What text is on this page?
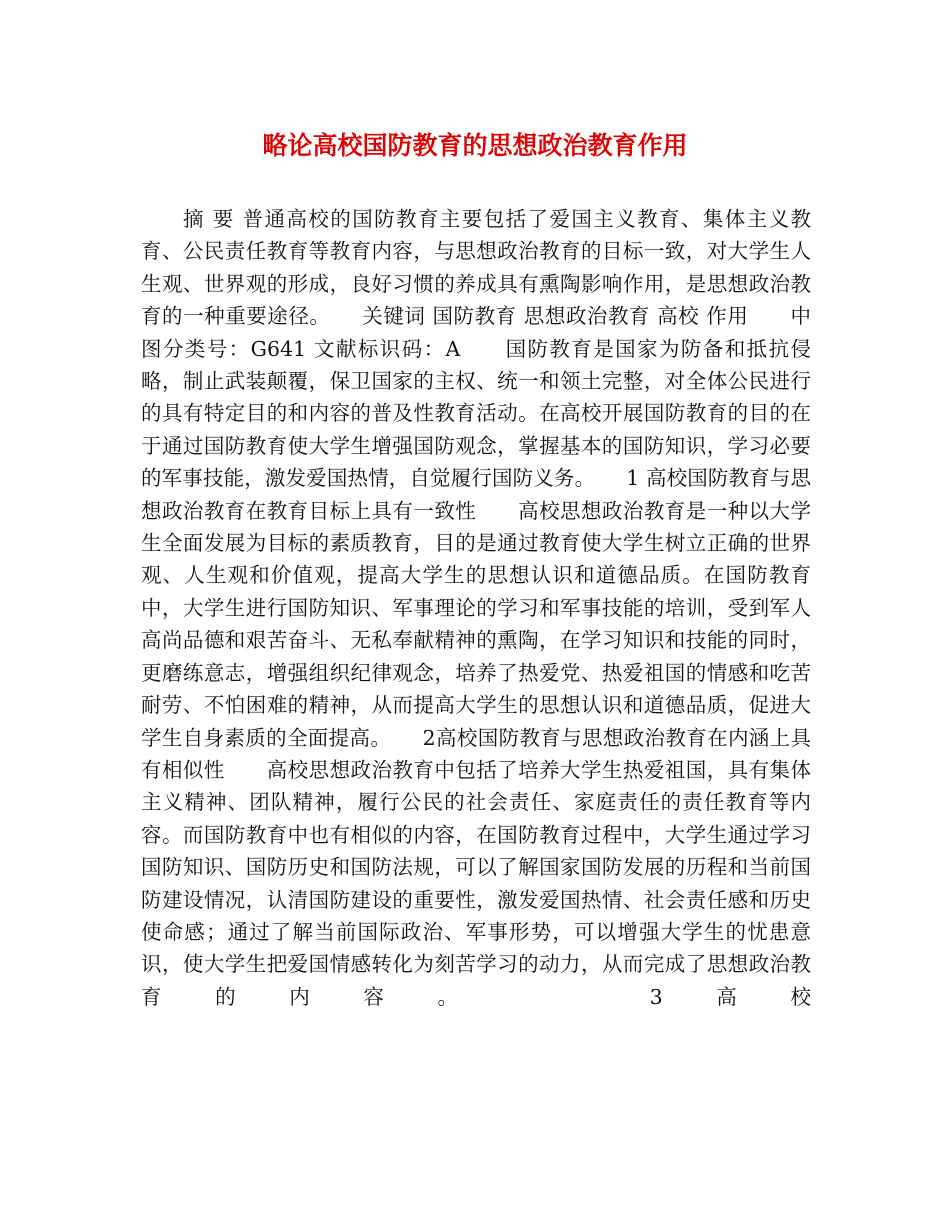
略论高校国防教育的思想政治教育作用

摘 要 普通高校的国防教育主要包括了爱国主义教育、集体主义教育、公民责任教育等教育内容，与思想政治教育的目标一致，对大学生人生观、世界观的形成，良好习惯的养成具有熏陶影响作用，是思想政治教育的一种重要途径。　　关键词 国防教育 思想政治教育 高校 作用　　中图分类号：G641 文献标识码：A　　国防教育是国家为防备和抵抗侵略，制止武装颠覆，保卫国家的主权、统一和领土完整，对全体公民进行的具有特定目的和内容的普及性教育活动。在高校开展国防教育的目的在于通过国防教育使大学生增强国防观念，掌握基本的国防知识，学习必要的军事技能，激发爱国热情，自觉履行国防义务。　　1 高校国防教育与思想政治教育在教育目标上具有一致性　　高校思想政治教育是一种以大学生全面发展为目标的素质教育，目的是通过教育使大学生树立正确的世界观、人生观和价值观，提高大学生的思想认识和道德品质。在国防教育中，大学生进行国防知识、军事理论的学习和军事技能的培训，受到军人高尚品德和艰苦奋斗、无私奉献精神的熏陶，在学习知识和技能的同时，更磨练意志，增强组织纪律观念，培养了热爱党、热爱祖国的情感和吃苦耐劳、不怕困难的精神，从而提高大学生的思想认识和道德品质，促进大学生自身素质的全面提高。　　2高校国防教育与思想政治教育在内涵上具有相似性　　高校思想政治教育中包括了培养大学生热爱祖国，具有集体主义精神、团队精神，履行公民的社会责任、家庭责任的责任教育等内容。而国防教育中也有相似的内容，在国防教育过程中，大学生通过学习国防知识、国防历史和国防法规，可以了解国家国防发展的历程和当前国防建设情况，认清国防建设的重要性，激发爱国热情、社会责任感和历史使命感；通过了解当前国际政治、军事形势，可以增强大学生的忧患意识，使大学生把爱国情感转化为刻苦学习的动力，从而完成了思想政治教育的内容。　　3高校
